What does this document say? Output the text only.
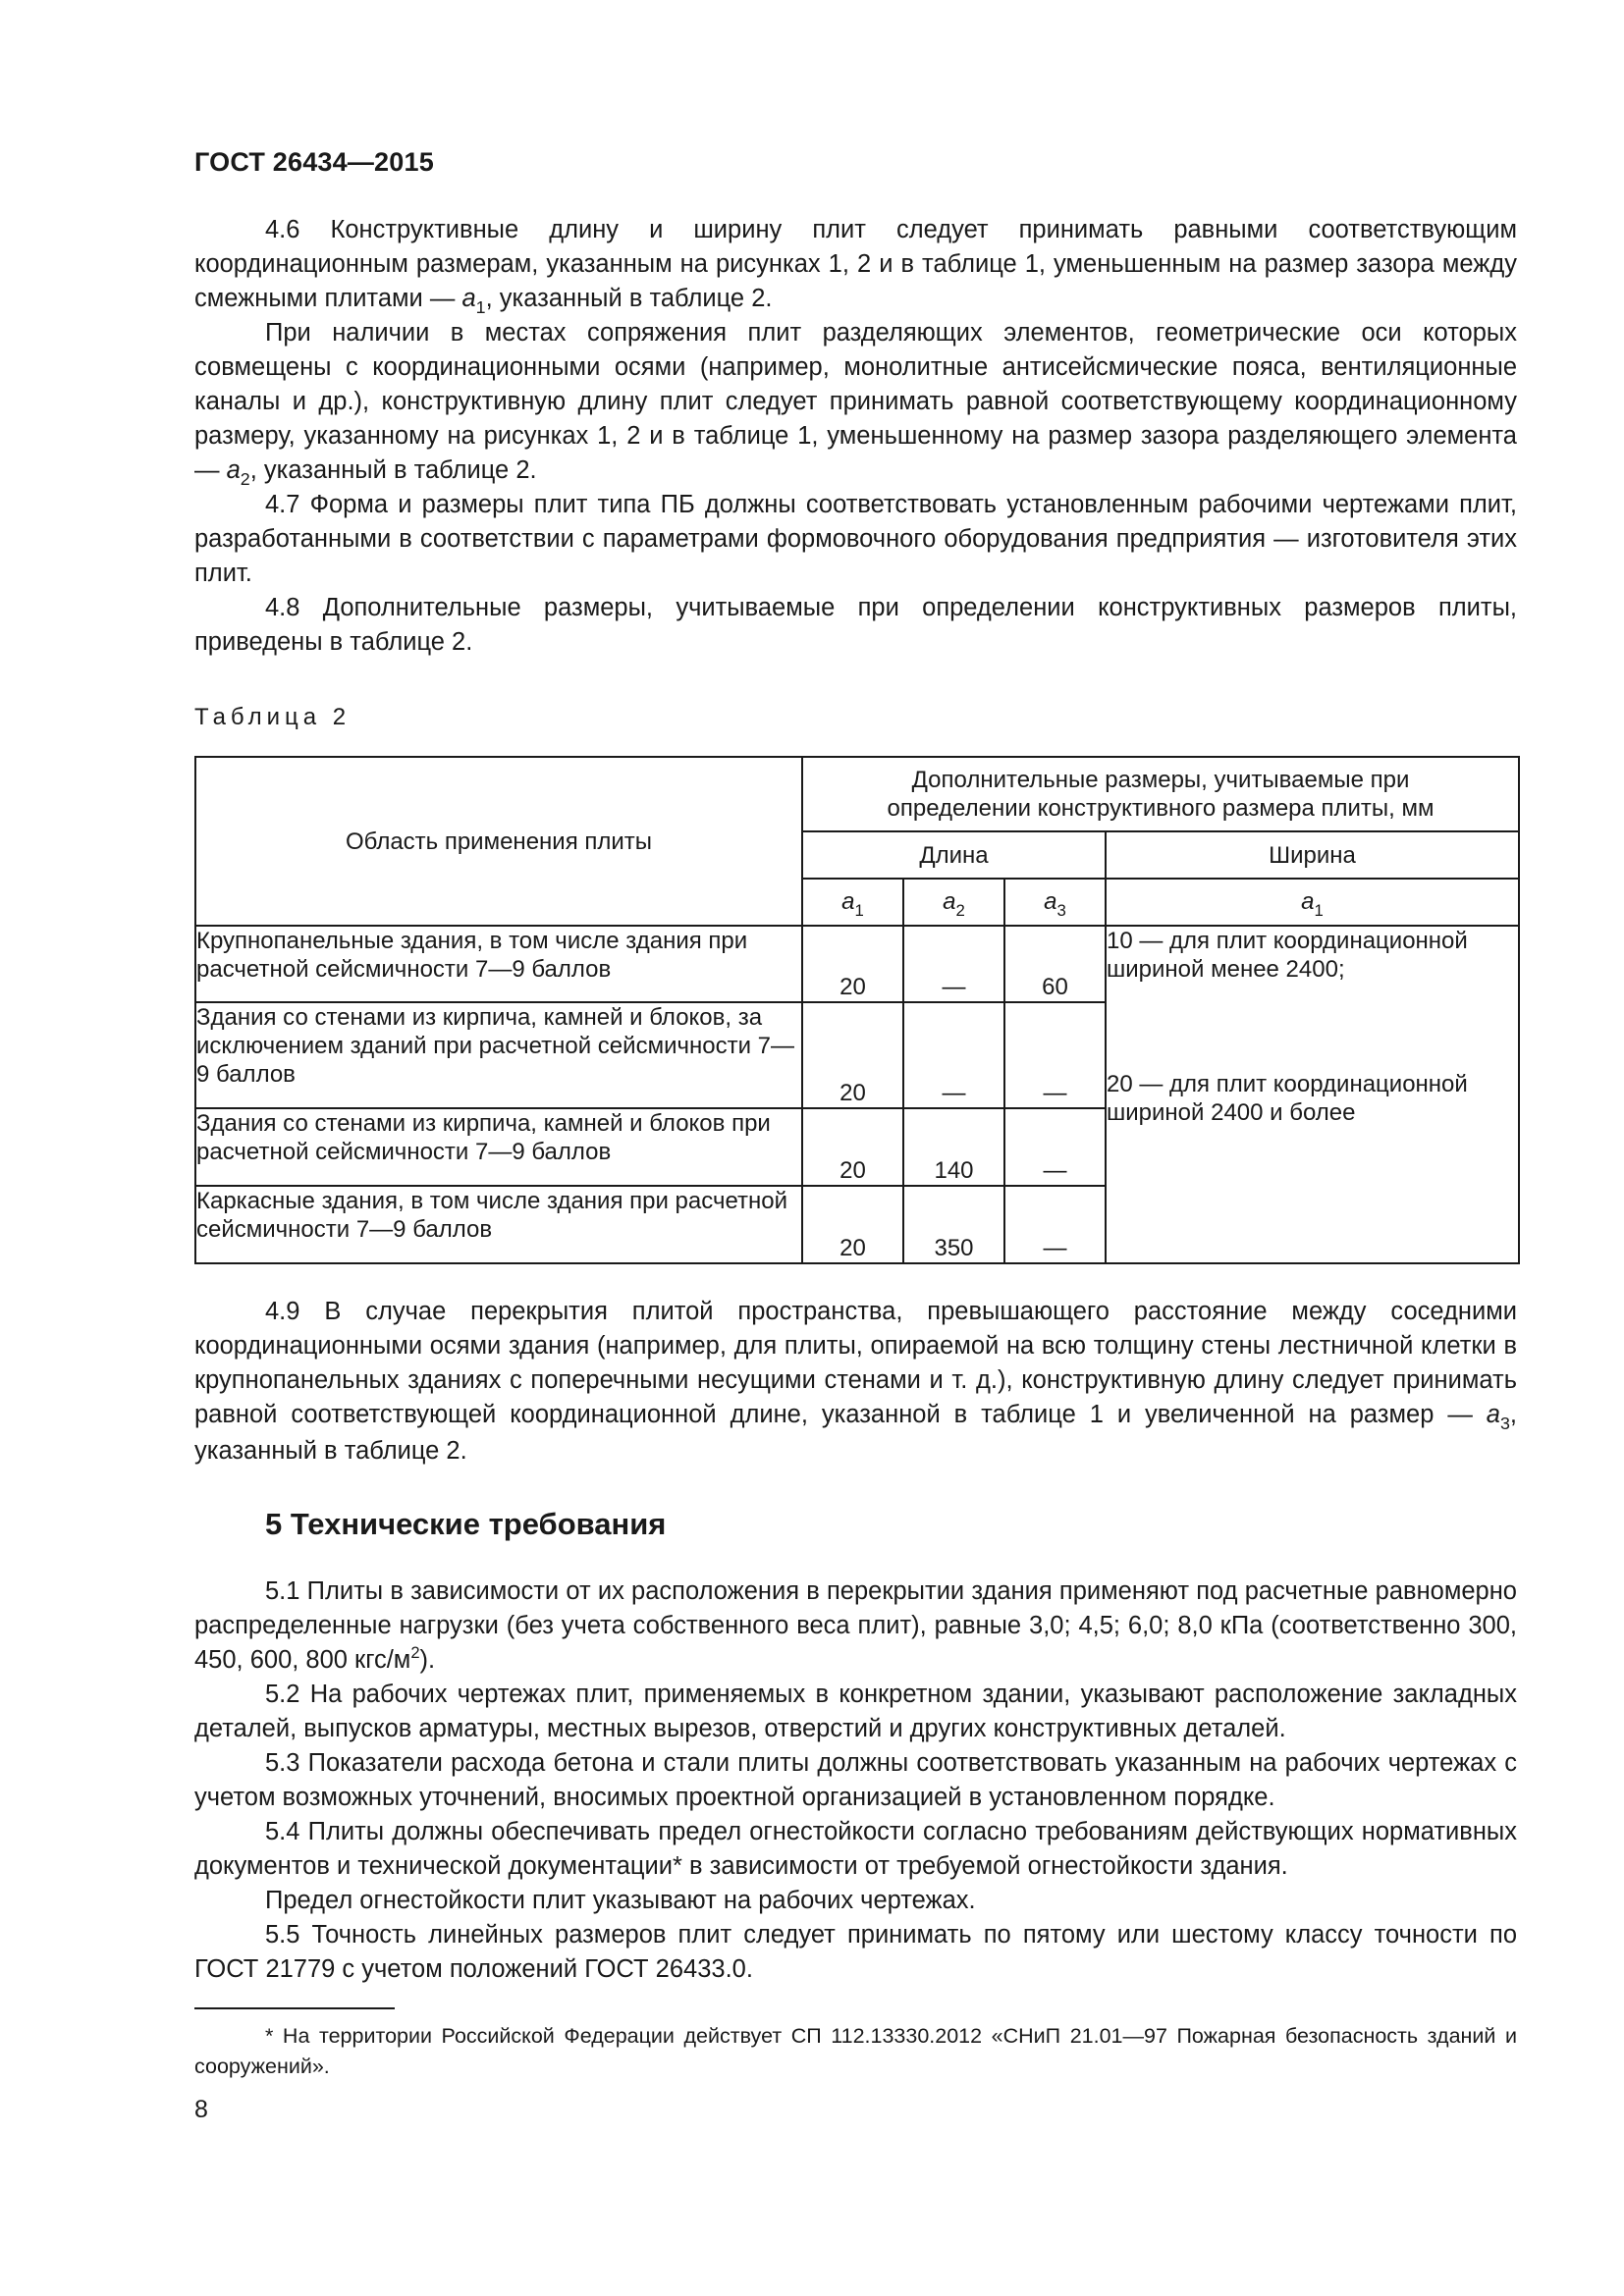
ГОСТ 26434—2015
4.6 Конструктивные длину и ширину плит следует принимать равными соответствующим координационным размерам, указанным на рисунках 1, 2 и в таблице 1, уменьшенным на размер зазора между смежными плитами — $a_1$, указанный в таблице 2.
При наличии в местах сопряжения плит разделяющих элементов, геометрические оси которых совмещены с координационными осями (например, монолитные антисейсмические пояса, вентиляционные каналы и др.), конструктивную длину плит следует принимать равной соответствующему координационному размеру, указанному на рисунках 1, 2 и в таблице 1, уменьшенному на размер зазора разделяющего элемента — $a_2$, указанный в таблице 2.
4.7 Форма и размеры плит типа ПБ должны соответствовать установленным рабочими чертежами плит, разработанными в соответствии с параметрами формовочного оборудования предприятия — изготовителя этих плит.
4.8 Дополнительные размеры, учитываемые при определении конструктивных размеров плиты, приведены в таблице 2.
Таблица 2
Область применения плиты	Дополнительные размеры, учитываемые при определении конструктивного размера плиты, мм			
	Длина			Ширина
	$a_1$	$a_2$	$a_3$	$a_1$
Крупнопанельные здания, в том числе здания при расчетной сейсмичности 7—9 баллов	20	—	60	10 — для плит координационной шириной менее 2400;
20 — для плит координационной шириной 2400 и более

Здания со стенами из кирпича, камней и блоков, за исключением зданий при расчетной сейсмичности 7—9 баллов	20	—	—	
Здания со стенами из кирпича, камней и блоков при расчетной сейсмичности 7—9 баллов	20	140	—	
Каркасные здания, в том числе здания при расчетной сейсмичности 7—9 баллов	20	350	—	
4.9 В случае перекрытия плитой пространства, превышающего расстояние между соседними координационными осями здания (например, для плиты, опираемой на всю толщину стены лестничной клетки в крупнопанельных зданиях с поперечными несущими стенами и т. д.), конструктивную длину следует принимать равной соответствующей координационной длине, указанной в таблице 1 и увеличенной на размер — $a_3$, указанный в таблице 2.
5 Технические требования
5.1 Плиты в зависимости от их расположения в перекрытии здания применяют под расчетные равномерно распределенные нагрузки (без учета собственного веса плит), равные 3,0; 4,5; 6,0; 8,0 кПа (соответственно 300, 450, 600, 800 кгс/$м^2$).
5.2 На рабочих чертежах плит, применяемых в конкретном здании, указывают расположение закладных деталей, выпусков арматуры, местных вырезов, отверстий и других конструктивных деталей.
5.3 Показатели расхода бетона и стали плиты должны соответствовать указанным на рабочих чертежах с учетом возможных уточнений, вносимых проектной организацией в установленном порядке.
5.4 Плиты должны обеспечивать предел огнестойкости согласно требованиям действующих нормативных документов и технической документации* в зависимости от требуемой огнестойкости здания.
Предел огнестойкости плит указывают на рабочих чертежах.
5.5 Точность линейных размеров плит следует принимать по пятому или шестому классу точности по ГОСТ 21779 с учетом положений ГОСТ 26433.0.
* На территории Российской Федерации действует СП 112.13330.2012 «СНиП 21.01—97 Пожарная безопасность зданий и сооружений».
8
